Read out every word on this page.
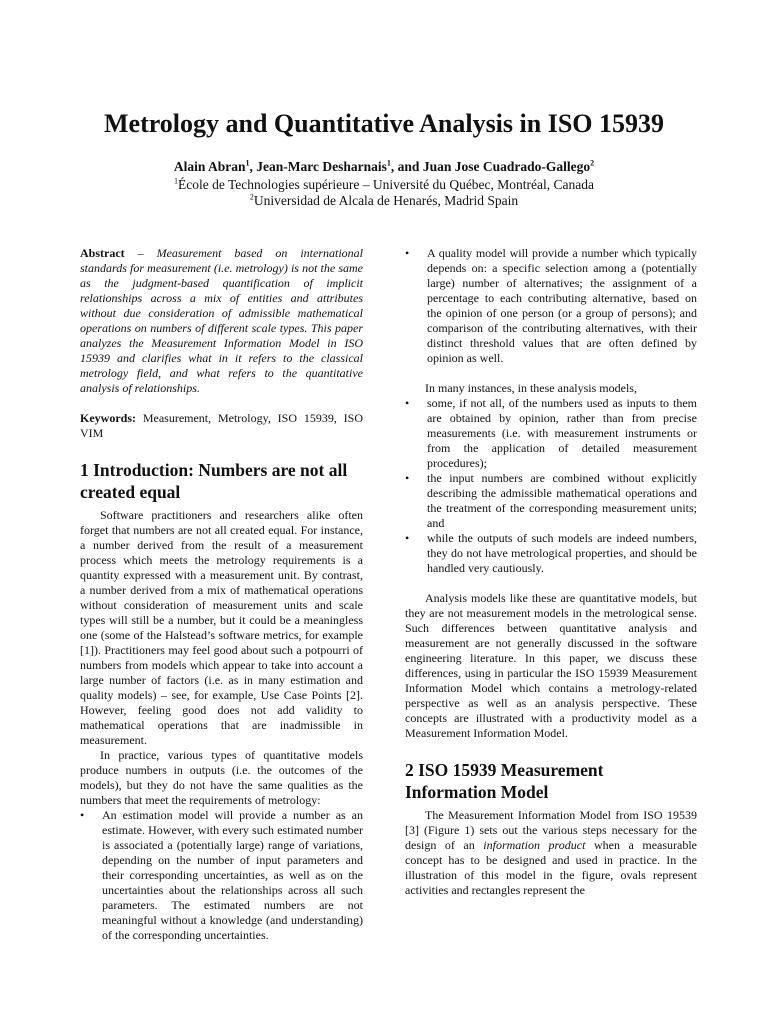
Metrology and Quantitative Analysis in ISO 15939
Alain Abran$^1$, Jean-Marc Desharnais$^1$, and Juan Jose Cuadrado-Gallego$^2$
$^1$École de Technologies supérieure – Université du Québec, Montréal, Canada
$^2$Universidad de Alcala de Henarés, Madrid Spain

Abstract – Measurement based on international standards for measurement (i.e. metrology) is not the same as the judgment-based quantification of implicit relationships across a mix of entities and attributes without due consideration of admissible mathematical operations on numbers of different scale types. This paper analyzes the Measurement Information Model in ISO 15939 and clarifies what in it refers to the classical metrology field, and what refers to the quantitative analysis of relationships.

Keywords: Measurement, Metrology, ISO 15939, ISO VIM

1 Introduction: Numbers are not all created equal

Software practitioners and researchers alike often forget that numbers are not all created equal. For instance, a number derived from the result of a measurement process which meets the metrology requirements is a quantity expressed with a measurement unit. By contrast, a number derived from a mix of mathematical operations without consideration of measurement units and scale types will still be a number, but it could be a meaningless one (some of the Halstead’s software metrics, for example [1]). Practitioners may feel good about such a potpourri of numbers from models which appear to take into account a large number of factors (i.e. as in many estimation and quality models) – see, for example, Use Case Points [2]. However, feeling good does not add validity to mathematical operations that are inadmissible in measurement.

In practice, various types of quantitative models produce numbers in outputs (i.e. the outcomes of the models), but they do not have the same qualities as the numbers that meet the requirements of metrology:

• An estimation model will provide a number as an estimate. However, with every such estimated number is associated a (potentially large) range of variations, depending on the number of input parameters and their corresponding uncertainties, as well as on the uncertainties about the relationships across all such parameters. The estimated numbers are not meaningful without a knowledge (and understanding) of the corresponding uncertainties.
• A quality model will provide a number which typically depends on: a specific selection among a (potentially large) number of alternatives; the assignment of a percentage to each contributing alternative, based on the opinion of one person (or a group of persons); and comparison of the contributing alternatives, with their distinct threshold values that are often defined by opinion as well.

In many instances, in these analysis models,

• some, if not all, of the numbers used as inputs to them are obtained by opinion, rather than from precise measurements (i.e. with measurement instruments or from the application of detailed measurement procedures);
• the input numbers are combined without explicitly describing the admissible mathematical operations and the treatment of the corresponding measurement units; and
• while the outputs of such models are indeed numbers, they do not have metrological properties, and should be handled very cautiously.

Analysis models like these are quantitative models, but they are not measurement models in the metrological sense. Such differences between quantitative analysis and measurement are not generally discussed in the software engineering literature. In this paper, we discuss these differences, using in particular the ISO 15939 Measurement Information Model which contains a metrology-related perspective as well as an analysis perspective. These concepts are illustrated with a productivity model as a Measurement Information Model.

2 ISO 15939 Measurement Information Model

The Measurement Information Model from ISO 19539 [3] (Figure 1) sets out the various steps necessary for the design of an information product when a measurable concept has to be designed and used in practice. In the illustration of this model in the figure, ovals represent activities and rectangles represent the
